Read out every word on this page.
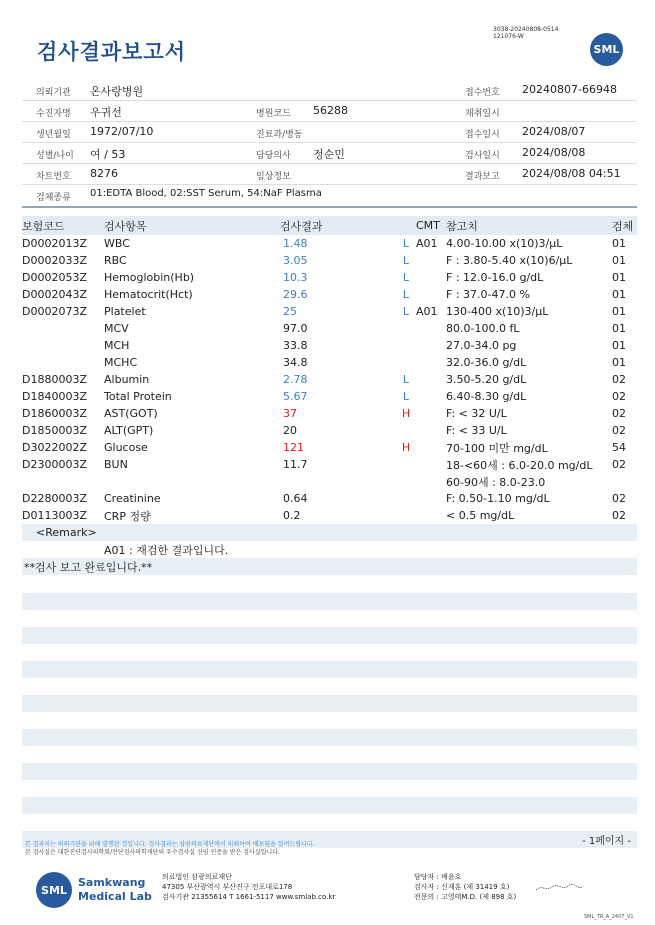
검사결과보고서
3038-20240808-0514
121076-W
SML
의뢰기관 온사랑병원	접수번호 20240807-66948
수진자명 우귀선	병원코드 56288	채취일시
생년월일 1972/07/10	진료과/병동	접수일시 2024/08/07
성별/나이 여 / 53	담당의사 정순민	검사일시 2024/08/08
차트번호 8276	임상정보	결과보고 2024/08/08 04:51
검체종류 01:EDTA Blood, 02:SST Serum, 54:NaF Plasma
보험코드	검사항목	검사결과		CMT	참고치	검체
D0002013Z	WBC	1.48	L	A01	4.00-10.00 x(10)3/μL	01
D0002033Z	RBC	3.05	L		F : 3.80-5.40 x(10)6/μL	01
D0002053Z	Hemoglobin(Hb)	10.3	L		F : 12.0-16.0 g/dL	01
D0002043Z	Hematocrit(Hct)	29.6	L		F : 37.0-47.0 %	01
D0002073Z	Platelet	25	L	A01	130-400 x(10)3/μL	01
	MCV	97.0			80.0-100.0 fL	01
	MCH	33.8			27.0-34.0 pg	01
	MCHC	34.8			32.0-36.0 g/dL	01
D1880003Z	Albumin	2.78	L		3.50-5.20 g/dL	02
D1840003Z	Total Protein	5.67	L		6.40-8.30 g/dL	02
D1860003Z	AST(GOT)	37	H		F: < 32 U/L	02
D1850003Z	ALT(GPT)	20			F: < 33 U/L	02
D3022002Z	Glucose	121	H		70-100 미만 mg/dL	54
D2300003Z	BUN	11.7			18-<60세 : 6.0-20.0 mg/dL	02
					60-90세 : 8.0-23.0	
D2280003Z	Creatinine	0.64			F: 0.50-1.10 mg/dL	02
D0113003Z	CRP 정량	0.2			< 0.5 mg/dL	02
<Remark>
A01 : 재검한 결과입니다.
**검사 보고 완료입니다.**
- 1페이지 -
본 결과지는 의뢰기관을 위해 발행된 것입니다. 검사결과는 삼광의료재단에서 의뢰하여 배포됨을 알려드립니다.
본 검사실은 대한진단검사의학회/진단검사의학재단의 우수검사실 신임 인증을 받은 검사실입니다.
SML
Samkwang
Medical Lab
의료법인 삼광의료재단
47305 부산광역시 부산진구 전포대로178
검사기관 21355614 T 1661-5117 www.smlab.co.kr
담당자 : 배윤호
검사자 : 신재훈 (제 31419 호)
전문의 : 고영태M.D. (제 898 호)
SML_TR_A_2407_V1
